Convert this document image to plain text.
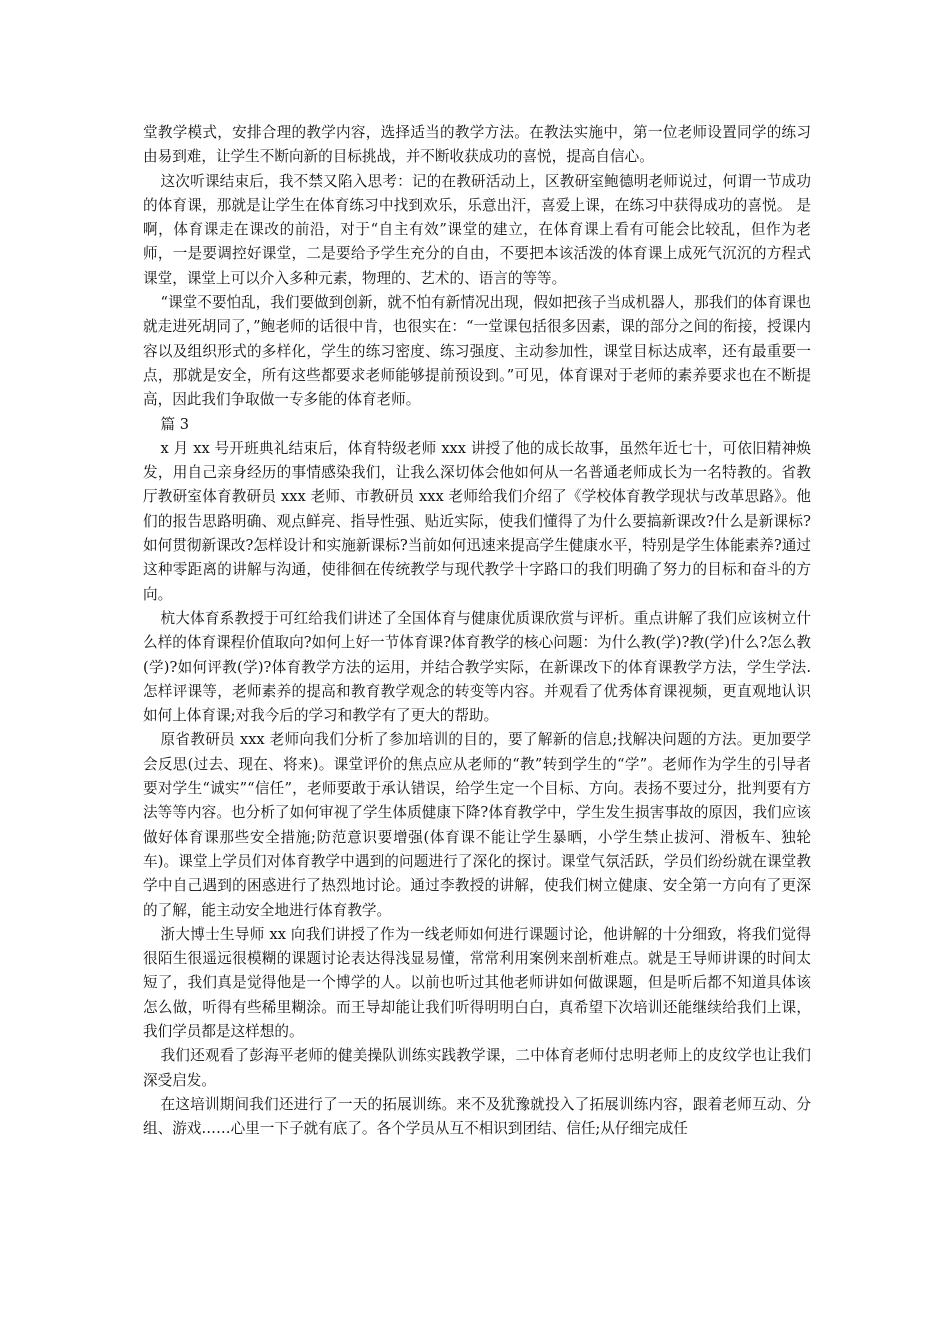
堂教学模式，安排合理的教学内容，选择适当的教学方法。在教法实施中，第一位老师设置同学的练习由易到难，让学生不断向新的目标挑战，并不断收获成功的喜悦，提高自信心。

这次听课结束后，我不禁又陷入思考：记的在教研活动上，区教研室鲍德明老师说过，何谓一节成功的体育课，那就是让学生在体育练习中找到欢乐，乐意出汗，喜爱上课，在练习中获得成功的喜悦。 是啊，体育课走在课改的前沿，对于“自主有效”课堂的建立，在体育课上看有可能会比较乱，但作为老师，一是要调控好课堂，二是要给予学生充分的自由，不要把本该活泼的体育课上成死气沉沉的方程式课堂，课堂上可以介入多种元素，物理的、艺术的、语言的等等。

“课堂不要怕乱，我们要做到创新，就不怕有新情况出现，假如把孩子当成机器人，那我们的体育课也就走进死胡同了，”鲍老师的话很中肯，也很实在：“一堂课包括很多因素，课的部分之间的衔接，授课内容以及组织形式的多样化，学生的练习密度、练习强度、主动参加性，课堂目标达成率，还有最重要一点，那就是安全，所有这些都要求老师能够提前预设到。”可见，体育课对于老师的素养要求也在不断提高，因此我们争取做一专多能的体育老师。

篇 3

x 月 xx 号开班典礼结束后，体育特级老师 xxx 讲授了他的成长故事，虽然年近七十，可依旧精神焕发，用自己亲身经历的事情感染我们，让我么深切体会他如何从一名普通老师成长为一名特教的。省教厅教研室体育教研员 xxx 老师、市教研员 xxx 老师给我们介绍了《学校体育教学现状与改革思路》。他们的报告思路明确、观点鲜亮、指导性强、贴近实际，使我们懂得了为什么要搞新课改?什么是新课标?如何贯彻新课改?怎样设计和实施新课标?当前如何迅速来提高学生健康水平，特别是学生体能素养?通过这种零距离的讲解与沟通，使徘徊在传统教学与现代教学十字路口的我们明确了努力的目标和奋斗的方向。

杭大体育系教授于可红给我们讲述了全国体育与健康优质课欣赏与评析。重点讲解了我们应该树立什么样的体育课程价值取向?如何上好一节体育课?体育教学的核心问题：为什么教(学)?教(学)什么?怎么教(学)?如何评教(学)?体育教学方法的运用，并结合教学实际，在新课改下的体育课教学方法，学生学法.怎样评课等，老师素养的提高和教育教学观念的转变等内容。并观看了优秀体育课视频，更直观地认识如何上体育课;对我今后的学习和教学有了更大的帮助。

原省教研员 xxx 老师向我们分析了参加培训的目的，要了解新的信息;找解决问题的方法。更加要学会反思(过去、现在、将来)。课堂评价的焦点应从老师的“教”转到学生的“学”。老师作为学生的引导者要对学生“诚实”“信任”，老师要敢于承认错误，给学生定一个目标、方向。表扬不要过分，批判要有方法等等内容。也分析了如何审视了学生体质健康下降?体育教学中，学生发生损害事故的原因，我们应该做好体育课那些安全措施;防范意识要增强(体育课不能让学生暴晒，小学生禁止拔河、滑板车、独轮车)。课堂上学员们对体育教学中遇到的问题进行了深化的探讨。课堂气氛活跃，学员们纷纷就在课堂教学中自己遇到的困惑进行了热烈地讨论。通过李教授的讲解，使我们树立健康、安全第一方向有了更深的了解，能主动安全地进行体育教学。

浙大博士生导师 xx 向我们讲授了作为一线老师如何进行课题讨论，他讲解的十分细致，将我们觉得很陌生很遥远很模糊的课题讨论表达得浅显易懂，常常利用案例来剖析难点。就是王导师讲课的时间太短了，我们真是觉得他是一个博学的人。以前也听过其他老师讲如何做课题，但是听后都不知道具体该怎么做，听得有些稀里糊涂。而王导却能让我们听得明明白白，真希望下次培训还能继续给我们上课，我们学员都是这样想的。

我们还观看了彭海平老师的健美操队训练实践教学课，二中体育老师付忠明老师上的皮纹学也让我们深受启发。

在这培训期间我们还进行了一天的拓展训练。来不及犹豫就投入了拓展训练内容，跟着老师互动、分组、游戏……心里一下子就有底了。各个学员从互不相识到团结、信任;从仔细完成任
